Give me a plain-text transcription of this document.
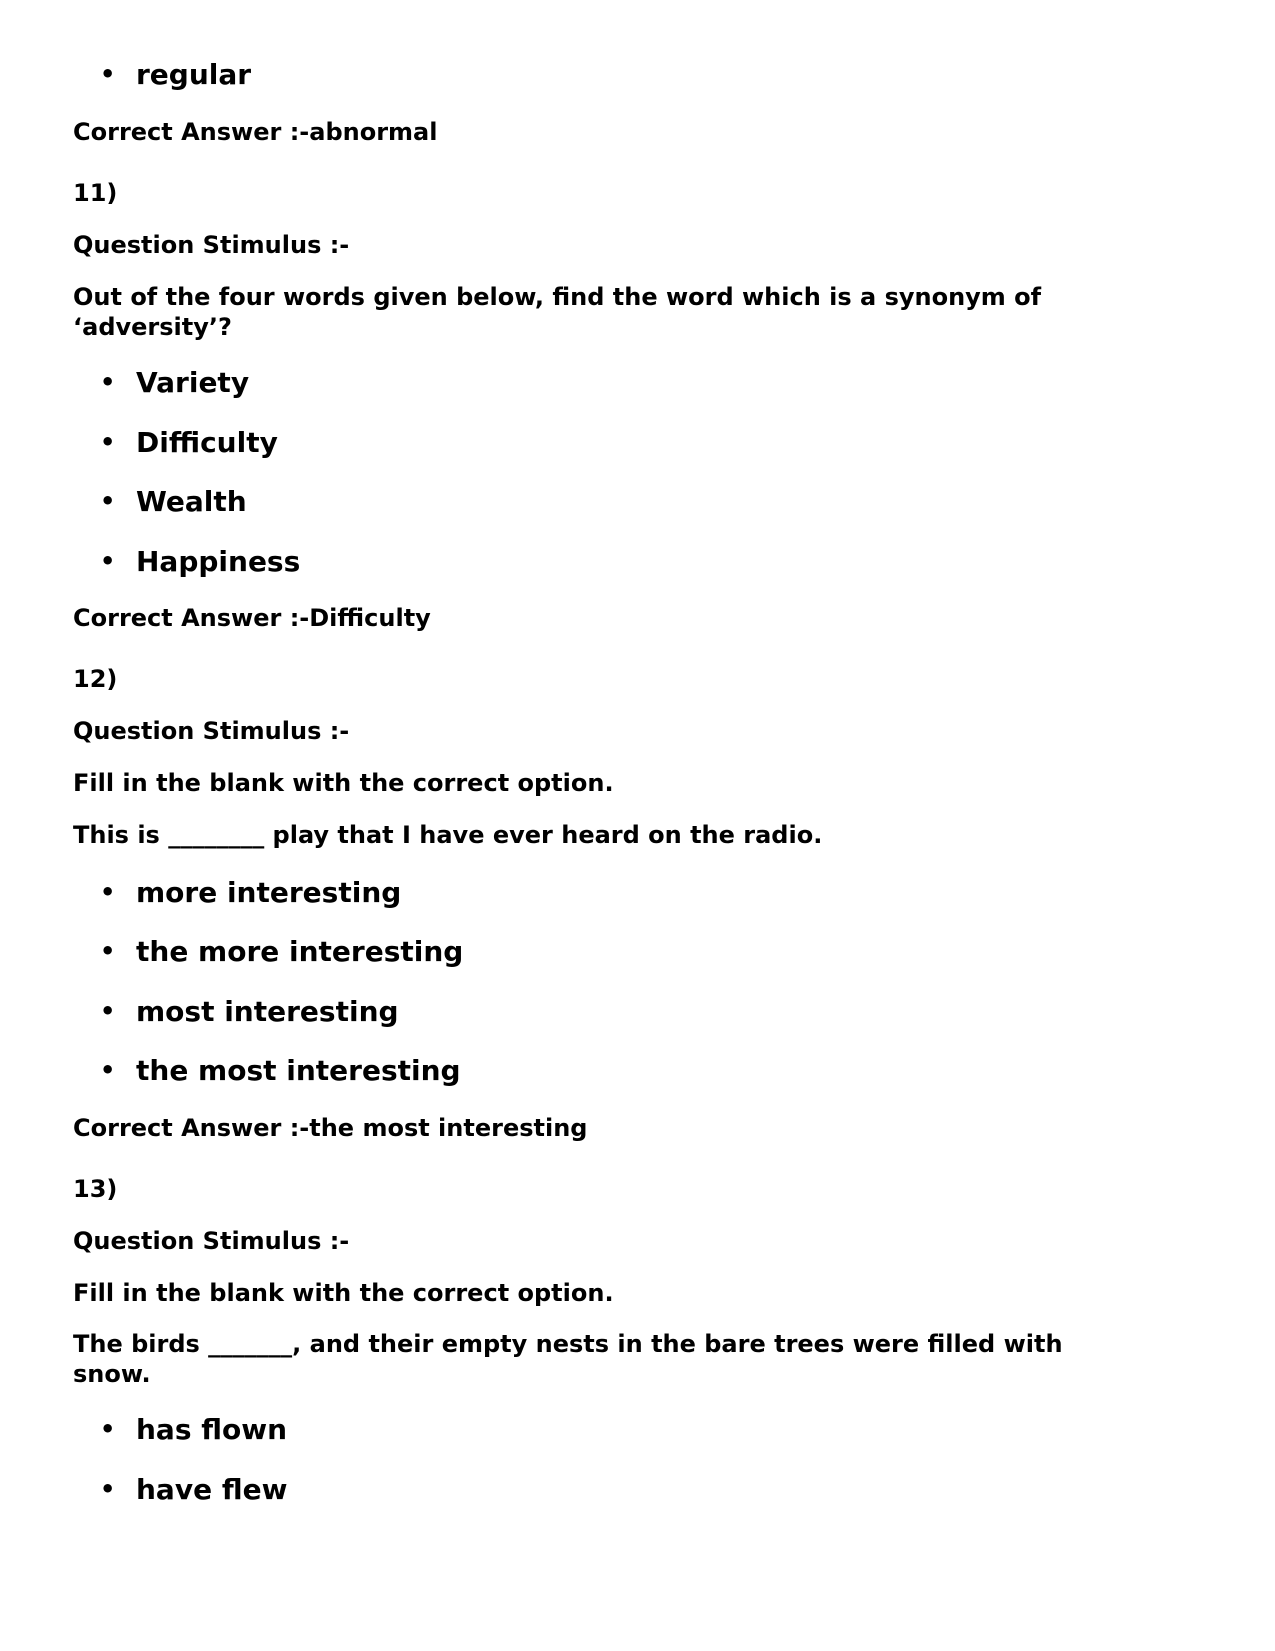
• regular
Correct Answer :-abnormal
11)
Question Stimulus :-
Out of the four words given below, find the word which is a synonym of ‘adversity’?
• Variety
• Difficulty
• Wealth
• Happiness
Correct Answer :-Difficulty
12)
Question Stimulus :-
Fill in the blank with the correct option.
This is ________ play that I have ever heard on the radio.
• more interesting
• the more interesting
• most interesting
• the most interesting
Correct Answer :-the most interesting
13)
Question Stimulus :-
Fill in the blank with the correct option.
The birds _______, and their empty nests in the bare trees were filled with snow.
• has flown
• have flew
